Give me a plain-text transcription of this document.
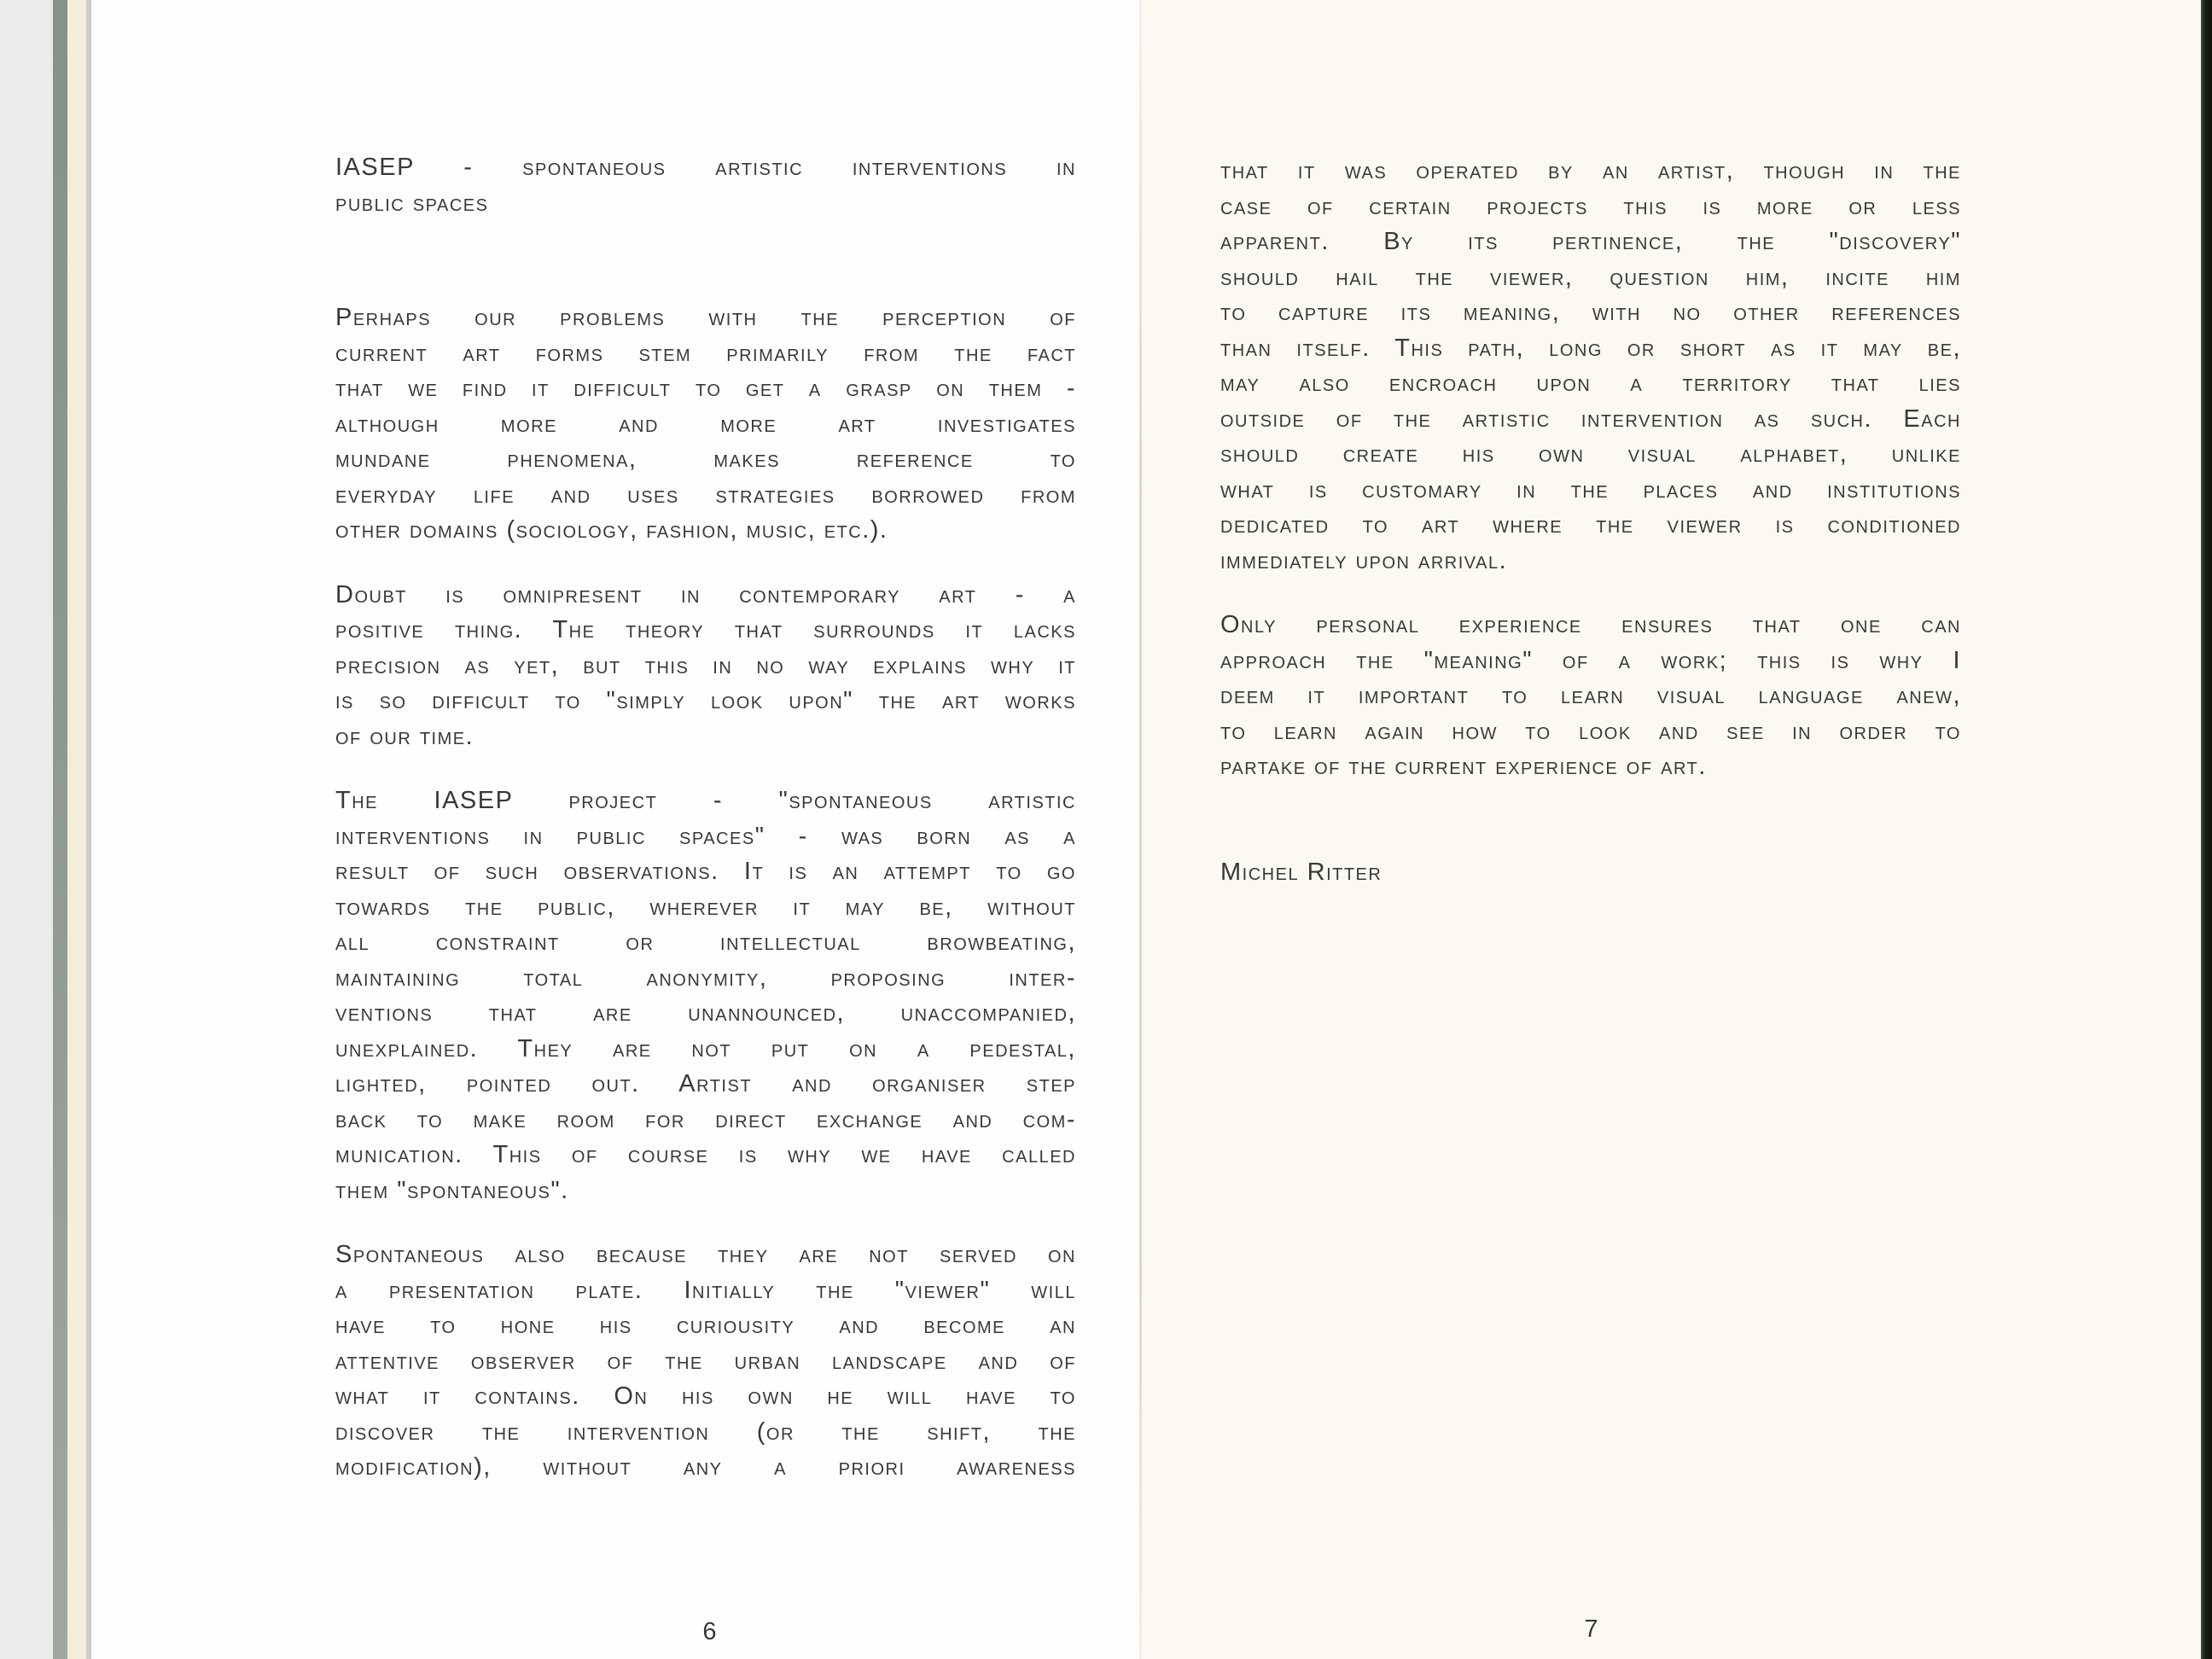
IASEP - spontaneous artistic interventions in
public spaces
Perhaps our problems with the perception of
current art forms stem primarily from the fact
that we find it difficult to get a grasp on them -
although more and more art investigates
mundane phenomena, makes reference to
everyday life and uses strategies borrowed from
other domains (sociology, fashion, music, etc.).
Doubt is omnipresent in contemporary art - a
positive thing. The theory that surrounds it lacks
precision as yet, but this in no way explains why it
is so difficult to "simply look upon" the art works
of our time.
The IASEP project - "spontaneous artistic
interventions in public spaces" - was born as a
result of such observations. It is an attempt to go
towards the public, wherever it may be, without
all constraint or intellectual browbeating,
maintaining total anonymity, proposing inter-
ventions that are unannounced, unaccompanied,
unexplained. They are not put on a pedestal,
lighted, pointed out. Artist and organiser step
back to make room for direct exchange and com-
munication. This of course is why we have called
them "spontaneous".
Spontaneous also because they are not served on
a presentation plate. Initially the "viewer" will
have to hone his curiousity and become an
attentive observer of the urban landscape and of
what it contains. On his own he will have to
discover the intervention (or the shift, the
modification), without any a priori awareness
that it was operated by an artist, though in the
case of certain projects this is more or less
apparent. By its pertinence, the "discovery"
should hail the viewer, question him, incite him
to capture its meaning, with no other references
than itself. This path, long or short as it may be,
may also encroach upon a territory that lies
outside of the artistic intervention as such. Each
should create his own visual alphabet, unlike
what is customary in the places and institutions
dedicated to art where the viewer is conditioned
immediately upon arrival.
Only personal experience ensures that one can
approach the "meaning" of a work; this is why I
deem it important to learn visual language anew,
to learn again how to look and see in order to
partake of the current experience of art.
Michel Ritter
6	7
